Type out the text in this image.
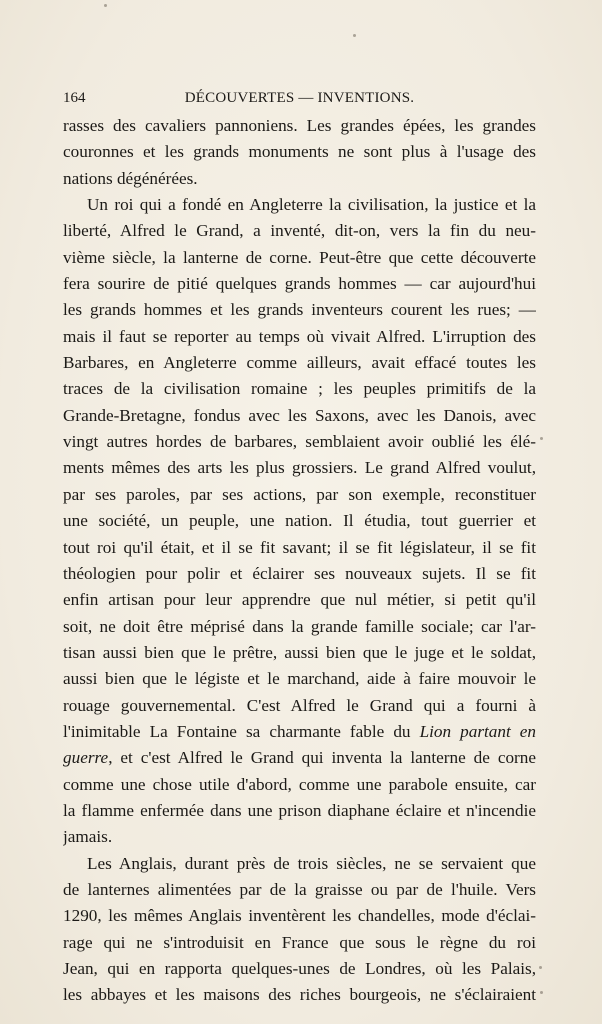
164	DÉCOUVERTES — INVENTIONS.
rasses des cavaliers pannoniens. Les grandes épées, les grandes
couronnes et les grands monuments ne sont plus à l'usage des
nations dégénérées.
Un roi qui a fondé en Angleterre la civilisation, la justice et la
liberté, Alfred le Grand, a inventé, dit-on, vers la fin du neu-
vième siècle, la lanterne de corne. Peut-être que cette découverte
fera sourire de pitié quelques grands hommes — car aujourd'hui
les grands hommes et les grands inventeurs courent les rues; —
mais il faut se reporter au temps où vivait Alfred. L'irruption des
Barbares, en Angleterre comme ailleurs, avait effacé toutes les
traces de la civilisation romaine ; les peuples primitifs de la
Grande-Bretagne, fondus avec les Saxons, avec les Danois, avec
vingt autres hordes de barbares, semblaient avoir oublié les élé-
ments mêmes des arts les plus grossiers. Le grand Alfred voulut,
par ses paroles, par ses actions, par son exemple, reconstituer
une société, un peuple, une nation. Il étudia, tout guerrier et
tout roi qu'il était, et il se fit savant; il se fit législateur, il se fit
théologien pour polir et éclairer ses nouveaux sujets. Il se fit
enfin artisan pour leur apprendre que nul métier, si petit qu'il
soit, ne doit être méprisé dans la grande famille sociale; car l'ar-
tisan aussi bien que le prêtre, aussi bien que le juge et le soldat,
aussi bien que le légiste et le marchand, aide à faire mouvoir le
rouage gouvernemental. C'est Alfred le Grand qui a fourni à
l'inimitable La Fontaine sa charmante fable du Lion partant en
guerre, et c'est Alfred le Grand qui inventa la lanterne de corne
comme une chose utile d'abord, comme une parabole ensuite, car
la flamme enfermée dans une prison diaphane éclaire et n'incendie
jamais.
Les Anglais, durant près de trois siècles, ne se servaient que
de lanternes alimentées par de la graisse ou par de l'huile. Vers
1290, les mêmes Anglais inventèrent les chandelles, mode d'éclai-
rage qui ne s'introduisit en France que sous le règne du roi
Jean, qui en rapporta quelques-unes de Londres, où les Palais,
les abbayes et les maisons des riches bourgeois, ne s'éclairaient
